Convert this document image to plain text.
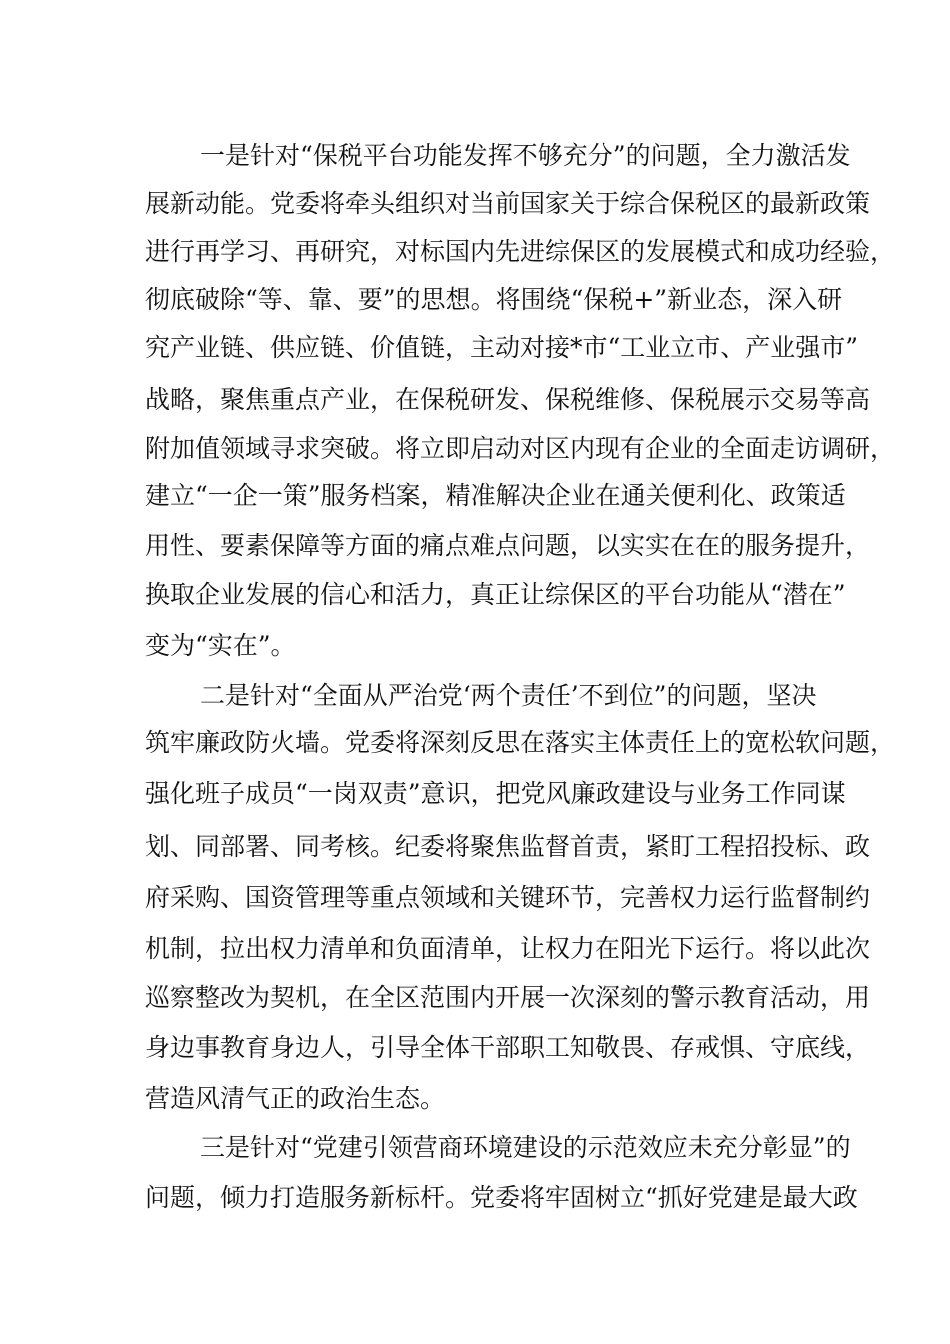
一是针对“保税平台功能发挥不够充分”的问题，全力激活发
展新动能。党委将牵头组织对当前国家关于综合保税区的最新政策
进行再学习、再研究，对标国内先进综保区的发展模式和成功经验，
彻底破除“等、靠、要”的思想。将围绕“保税+”新业态，深入研
究产业链、供应链、价值链，主动对接*市“工业立市、产业强市”
战略，聚焦重点产业，在保税研发、保税维修、保税展示交易等高
附加值领域寻求突破。将立即启动对区内现有企业的全面走访调研，
建立“一企一策”服务档案，精准解决企业在通关便利化、政策适
用性、要素保障等方面的痛点难点问题，以实实在在的服务提升，
换取企业发展的信心和活力，真正让综保区的平台功能从“潜在”
变为“实在”。
二是针对“全面从严治党‘两个责任’不到位”的问题，坚决
筑牢廉政防火墙。党委将深刻反思在落实主体责任上的宽松软问题，
强化班子成员“一岗双责”意识，把党风廉政建设与业务工作同谋
划、同部署、同考核。纪委将聚焦监督首责，紧盯工程招投标、政
府采购、国资管理等重点领域和关键环节，完善权力运行监督制约
机制，拉出权力清单和负面清单，让权力在阳光下运行。将以此次
巡察整改为契机，在全区范围内开展一次深刻的警示教育活动，用
身边事教育身边人，引导全体干部职工知敬畏、存戒惧、守底线，
营造风清气正的政治生态。
三是针对“党建引领营商环境建设的示范效应未充分彰显”的
问题，倾力打造服务新标杆。党委将牢固树立“抓好党建是最大政
